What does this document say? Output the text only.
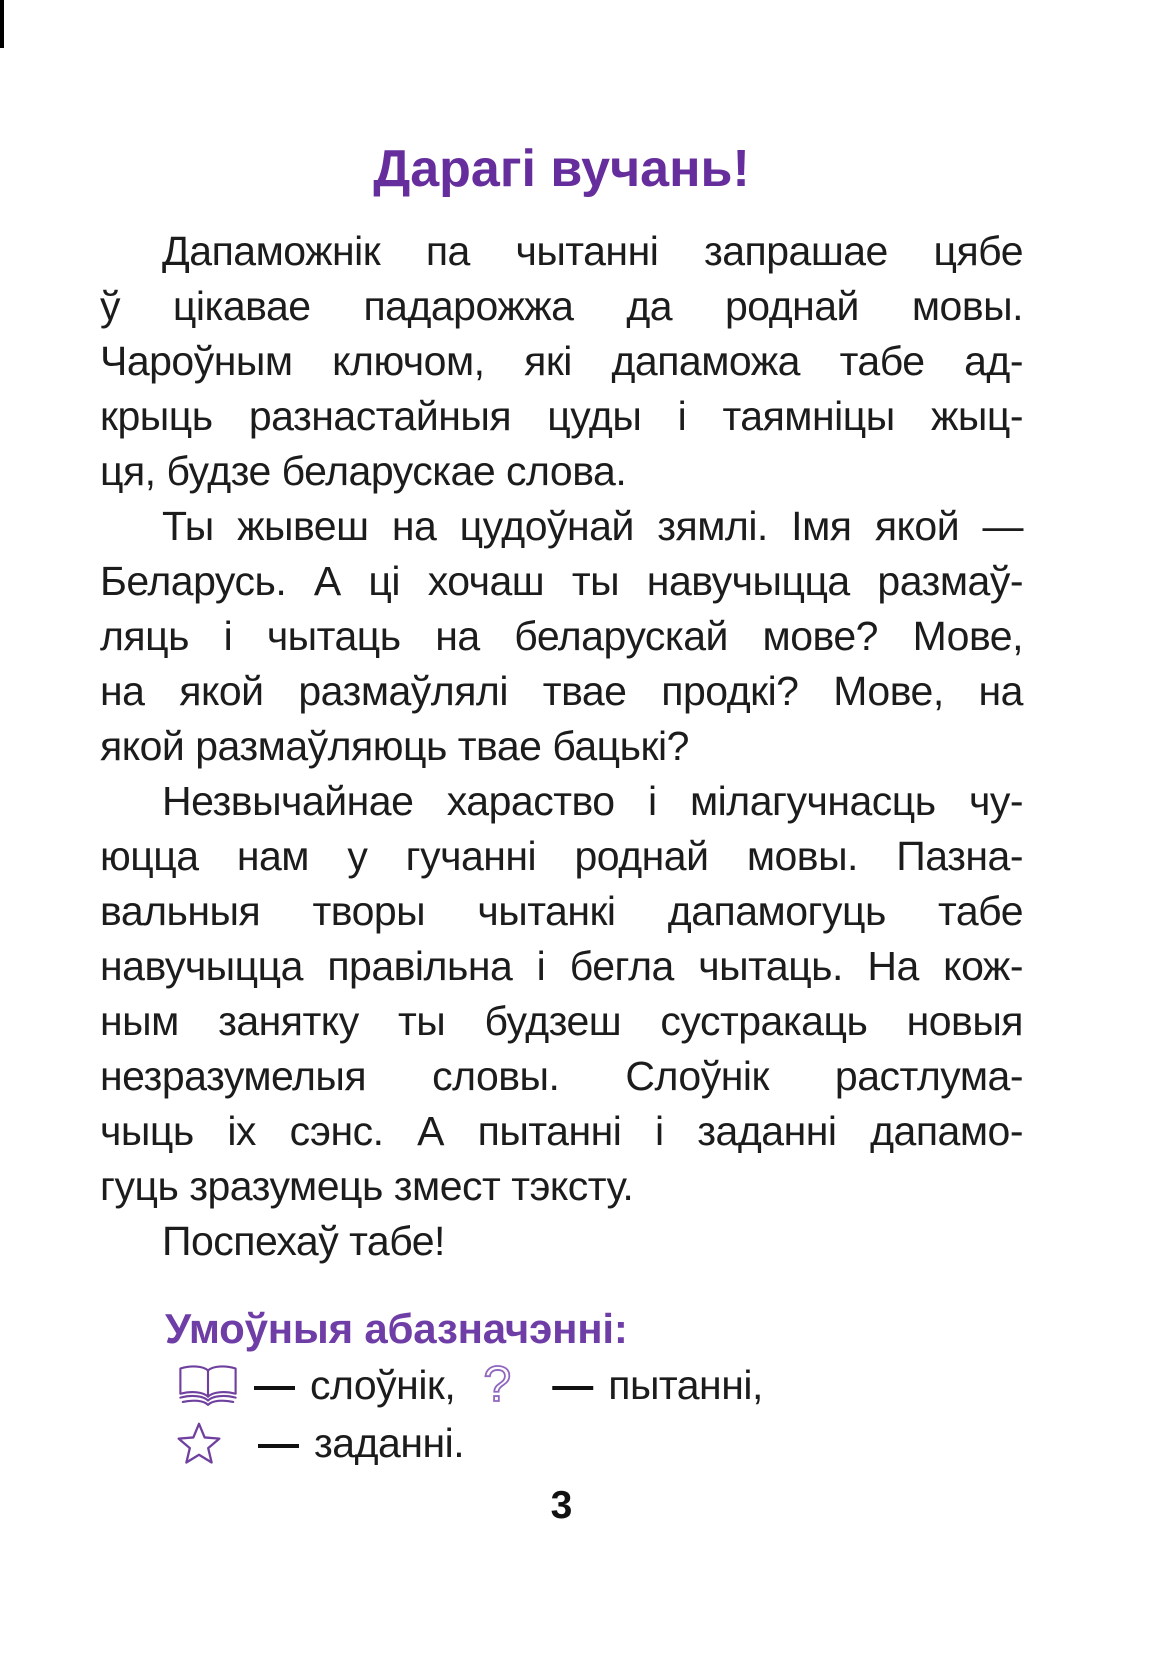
Дарагі вучань!
Дапаможнік па чытанні запрашае цябе
ў цікавае падарожжа да роднай мовы.
Чароўным ключом, які дапаможа табе ад-
крыць разнастайныя цуды і таямніцы жыц-
ця, будзе беларускае слова.
Ты жывеш на цудоўнай зямлі. Імя якой —
Беларусь. А ці хочаш ты навучыцца размаў-
ляць і чытаць на беларускай мове? Мове,
на якой размаўлялі твае продкі? Мове, на
якой размаўляюць твае бацькі?
Незвычайнае хараство і мілагучнасць чу-
юцца нам у гучанні роднай мовы. Пазна-
вальныя творы чытанкі дапамогуць табе
навучыцца правільна і бегла чытаць. На кож-
ным занятку ты будзеш сустракаць новыя
незразумелыя словы. Слоўнік растлума-
чыць іх сэнс. А пытанні і заданні дапамо-
гуць зразумець змест тэксту.
Поспехаў табе!
Умоўныя абазначэнні:
— слоўнік, ? — пытанні,
— заданні.
3
